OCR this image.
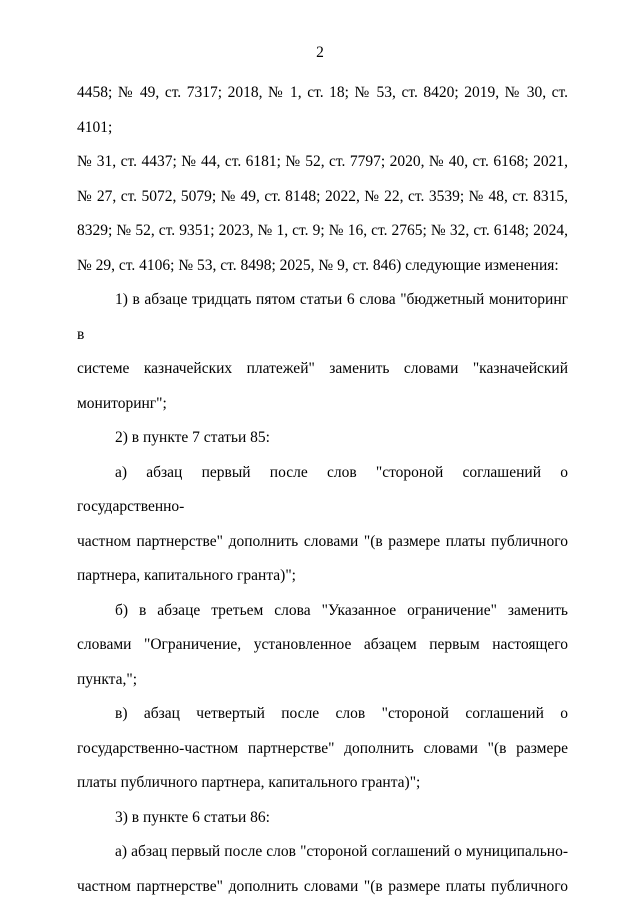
2
4458; № 49, ст. 7317; 2018, № 1, ст. 18; № 53, ст. 8420; 2019, № 30, ст. 4101;
№ 31, ст. 4437; № 44, ст. 6181; № 52, ст. 7797; 2020, № 40, ст. 6168; 2021,
№ 27, ст. 5072, 5079; № 49, ст. 8148; 2022, № 22, ст. 3539; № 48, ст. 8315,
8329; № 52, ст. 9351; 2023, № 1, ст. 9; № 16, ст. 2765; № 32, ст. 6148; 2024,
№ 29, ст. 4106; № 53, ст. 8498; 2025, № 9, ст. 846) следующие изменения:
1) в абзаце тридцать пятом статьи 6 слова "бюджетный мониторинг в
системе казначейских платежей" заменить словами "казначейский
мониторинг";
2) в пункте 7 статьи 85:
а) абзац первый после слов "стороной соглашений о государственно-
частном партнерстве" дополнить словами "(в размере платы публичного
партнера, капитального гранта)";
б) в абзаце третьем слова "Указанное ограничение" заменить
словами "Ограничение, установленное абзацем первым настоящего
пункта,";
в) абзац четвертый после слов "стороной соглашений о
государственно-частном партнерстве" дополнить словами "(в размере
платы публичного партнера, капитального гранта)";
3) в пункте 6 статьи 86:
а) абзац первый после слов "стороной соглашений о муниципально-
частном партнерстве" дополнить словами "(в размере платы публичного
